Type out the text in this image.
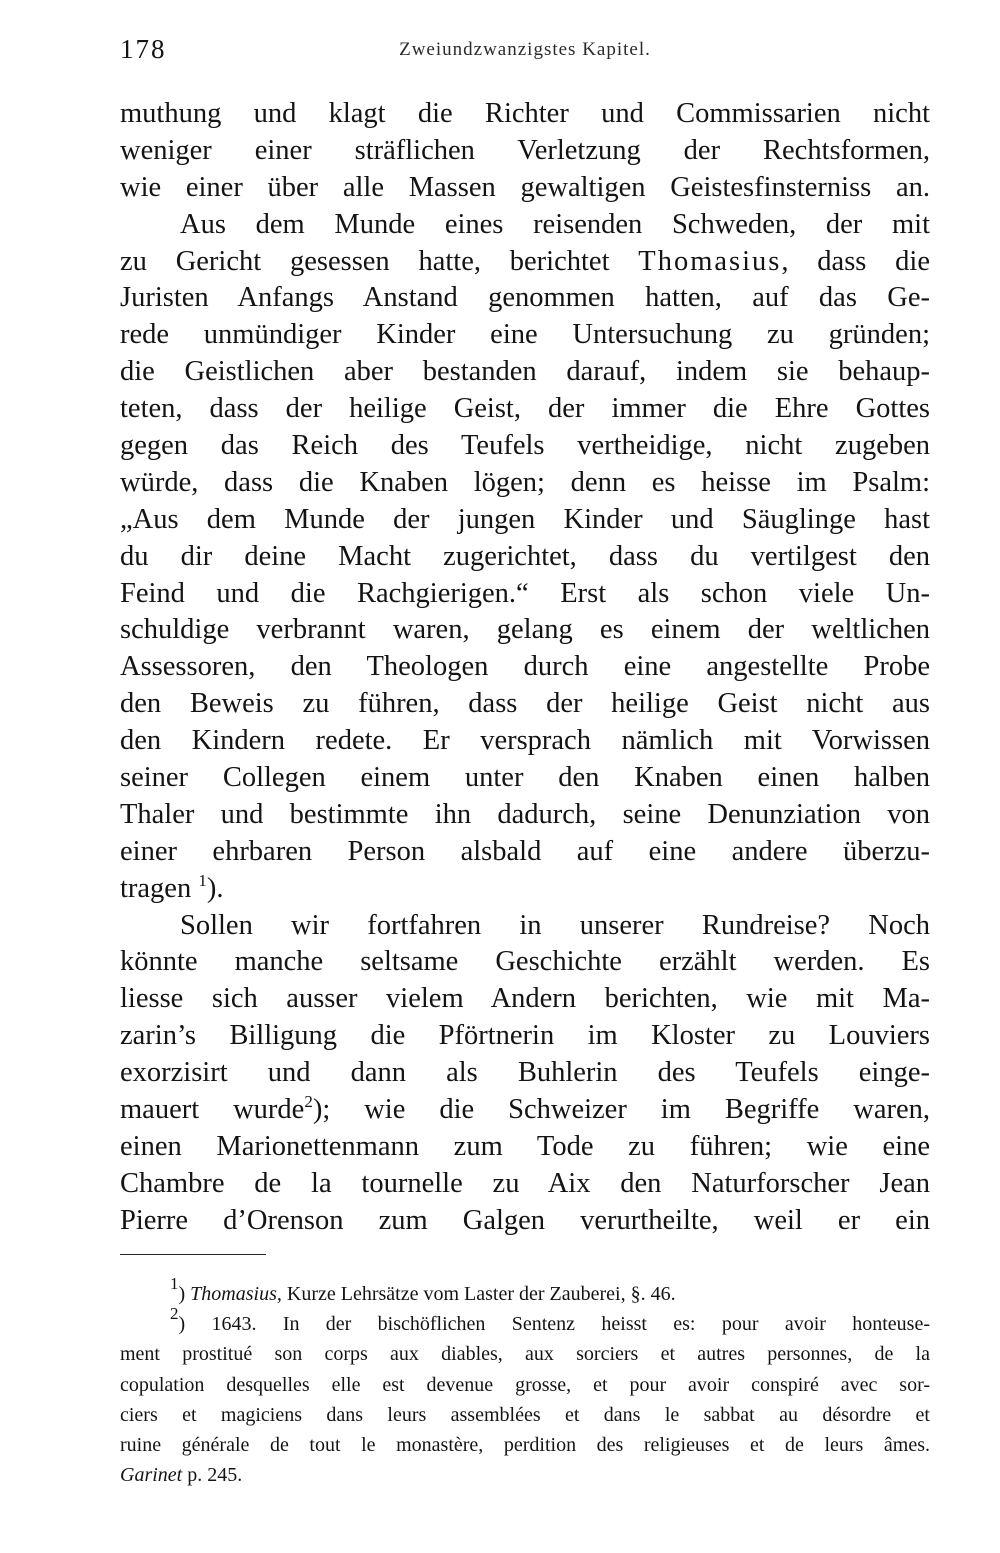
178	Zweiundzwanzigstes Kapitel.
muthung und klagt die Richter und Commissarien nicht
weniger einer sträflichen Verletzung der Rechtsformen,
wie einer über alle Massen gewaltigen Geistesfinsterniss an.
Aus dem Munde eines reisenden Schweden, der mit
zu Gericht gesessen hatte, berichtet Thomasius, dass die
Juristen Anfangs Anstand genommen hatten, auf das Ge-
rede unmündiger Kinder eine Untersuchung zu gründen;
die Geistlichen aber bestanden darauf, indem sie behaup-
teten, dass der heilige Geist, der immer die Ehre Gottes
gegen das Reich des Teufels vertheidige, nicht zugeben
würde, dass die Knaben lögen; denn es heisse im Psalm:
„Aus dem Munde der jungen Kinder und Säuglinge hast
du dir deine Macht zugerichtet, dass du vertilgest den
Feind und die Rachgierigen.“ Erst als schon viele Un-
schuldige verbrannt waren, gelang es einem der weltlichen
Assessoren, den Theologen durch eine angestellte Probe
den Beweis zu führen, dass der heilige Geist nicht aus
den Kindern redete. Er versprach nämlich mit Vorwissen
seiner Collegen einem unter den Knaben einen halben
Thaler und bestimmte ihn dadurch, seine Denunziation von
einer ehrbaren Person alsbald auf eine andere überzu-
tragen $^1$).
Sollen wir fortfahren in unserer Rundreise? Noch
könnte manche seltsame Geschichte erzählt werden. Es
liesse sich ausser vielem Andern berichten, wie mit Ma-
zarin’s Billigung die Pförtnerin im Kloster zu Louviers
exorzisirt und dann als Buhlerin des Teufels einge-
mauert wurde$^2$); wie die Schweizer im Begriffe waren,
einen Marionettenmann zum Tode zu führen; wie eine
Chambre de la tournelle zu Aix den Naturforscher Jean
Pierre d’Orenson zum Galgen verurtheilte, weil er ein
$^1$) Thomasius, Kurze Lehrsätze vom Laster der Zauberei, §. 46.
$^2$) 1643. In der bischöflichen Sentenz heisst es: pour avoir honteuse-
ment prostitué son corps aux diables, aux sorciers et autres personnes, de la
copulation desquelles elle est devenue grosse, et pour avoir conspiré avec sor-
ciers et magiciens dans leurs assemblées et dans le sabbat au désordre et
ruine générale de tout le monastère, perdition des religieuses et de leurs âmes.
Garinet p. 245.
